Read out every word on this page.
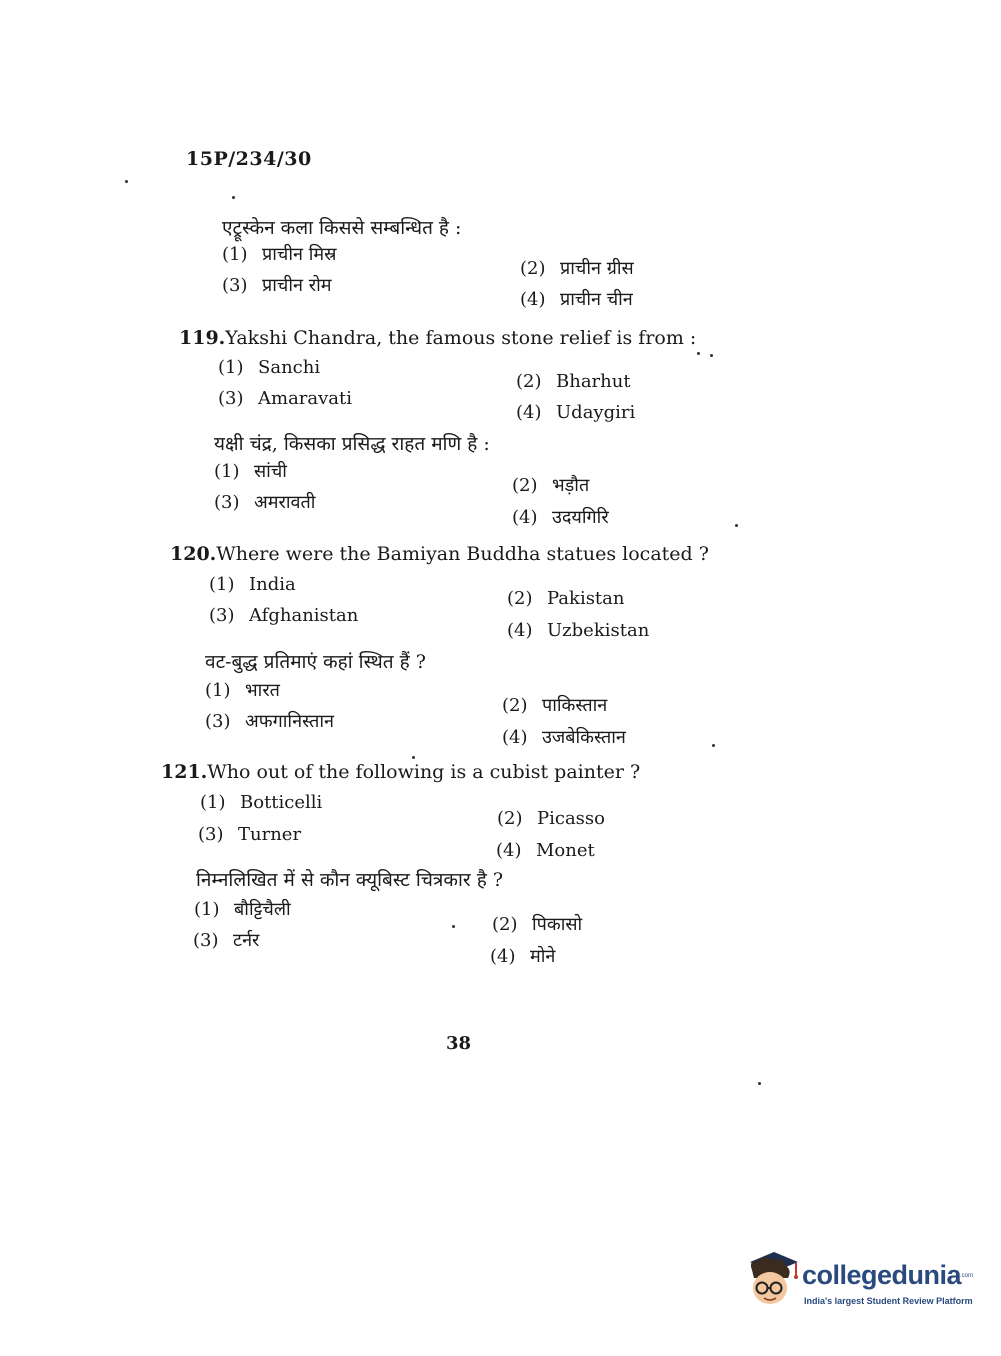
15P/234/30
एट्रूस्केन कला किससे सम्बन्धित है :
(1) प्राचीन मिस्र
(2) प्राचीन ग्रीस
(3) प्राचीन रोम
(4) प्राचीन चीन
119.Yakshi Chandra, the famous stone relief is from :
(1) Sanchi
(2) Bharhut
(3) Amaravati
(4) Udaygiri
यक्षी चंद्र, किसका प्रसिद्ध राहत मणि है :
(1) सांची
(2) भड़ौत
(3) अमरावती
(4) उदयगिरि
120.Where were the Bamiyan Buddha statues located ?
(1) India
(2) Pakistan
(3) Afghanistan
(4) Uzbekistan
वट-बुद्ध प्रतिमाएं कहां स्थित हैं ?
(1) भारत
(2) पाकिस्तान
(3) अफगानिस्तान
(4) उजबेकिस्तान
121.Who out of the following is a cubist painter ?
(1) Botticelli
(2) Picasso
(3) Turner
(4) Monet
निम्नलिखित में से कौन क्यूबिस्ट चित्रकार है ?
(1) बौट्टिचैली
(2) पिकासो
(3) टर्नर
(4) मोने
38
collegedunia
.com
India's largest Student Review Platform
